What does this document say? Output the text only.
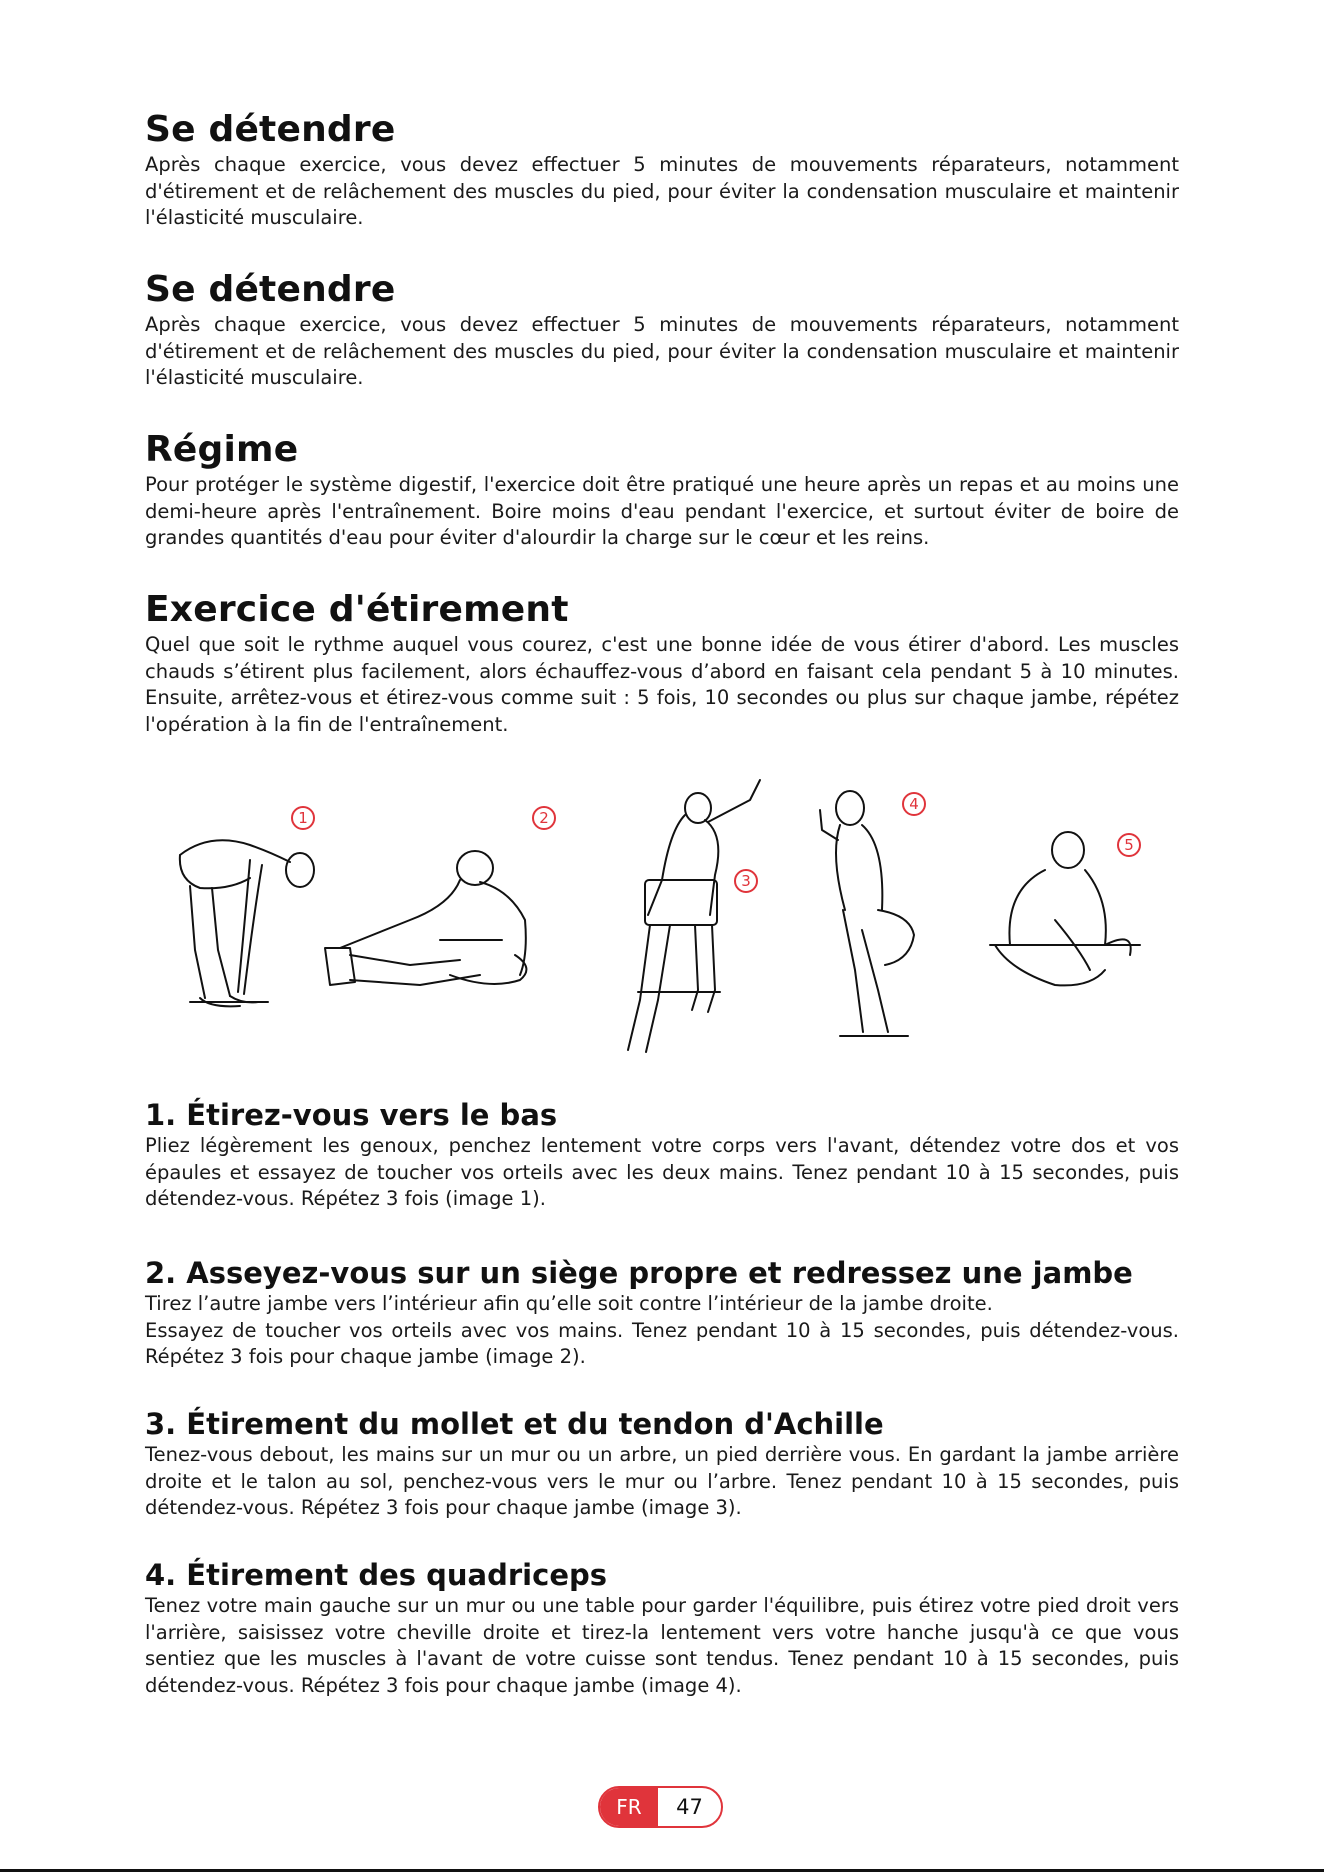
Se détendre

Après chaque exercice, vous devez effectuer 5 minutes de mouvements réparateurs, notamment d'étirement et de relâchement des muscles du pied, pour éviter la condensation musculaire et maintenir l'élasticité musculaire.

Se détendre

Après chaque exercice, vous devez effectuer 5 minutes de mouvements réparateurs, notamment d'étirement et de relâchement des muscles du pied, pour éviter la condensation musculaire et maintenir l'élasticité musculaire.

Régime

Pour protéger le système digestif, l'exercice doit être pratiqué une heure après un repas et au moins une demi-heure après l'entraînement. Boire moins d'eau pendant l'exercice, et surtout éviter de boire de grandes quantités d'eau pour éviter d'alourdir la charge sur le cœur et les reins.

Exercice d'étirement

Quel que soit le rythme auquel vous courez, c'est une bonne idée de vous étirer d'abord. Les muscles chauds s’étirent plus facilement, alors échauffez-vous d’abord en faisant cela pendant 5 à 10 minutes. Ensuite, arrêtez-vous et étirez-vous comme suit : 5 fois, 10 secondes ou plus sur chaque jambe, répétez l'opération à la fin de l'entraînement.

1	2
3
4
5
1. Étirez-vous vers le bas

Pliez légèrement les genoux, penchez lentement votre corps vers l'avant, détendez votre dos et vos épaules et essayez de toucher vos orteils avec les deux mains. Tenez pendant 10 à 15 secondes, puis détendez-vous. Répétez 3 fois (image 1).

2. Asseyez-vous sur un siège propre et redressez une jambe

Tirez l’autre jambe vers l’intérieur afin qu’elle soit contre l’intérieur de la jambe droite.

Essayez de toucher vos orteils avec vos mains. Tenez pendant 10 à 15 secondes, puis détendez-vous. Répétez 3 fois pour chaque jambe (image 2).

3. Étirement du mollet et du tendon d'Achille

Tenez-vous debout, les mains sur un mur ou un arbre, un pied derrière vous. En gardant la jambe arrière droite et le talon au sol, penchez-vous vers le mur ou l’arbre. Tenez pendant 10 à 15 secondes, puis détendez-vous. Répétez 3 fois pour chaque jambe (image 3).

4. Étirement des quadriceps

Tenez votre main gauche sur un mur ou une table pour garder l'équilibre, puis étirez votre pied droit vers l'arrière, saisissez votre cheville droite et tirez-la lentement vers votre hanche jusqu'à ce que vous sentiez que les muscles à l'avant de votre cuisse sont tendus. Tenez pendant 10 à 15 secondes, puis détendez-vous. Répétez 3 fois pour chaque jambe (image 4).

FR	47
